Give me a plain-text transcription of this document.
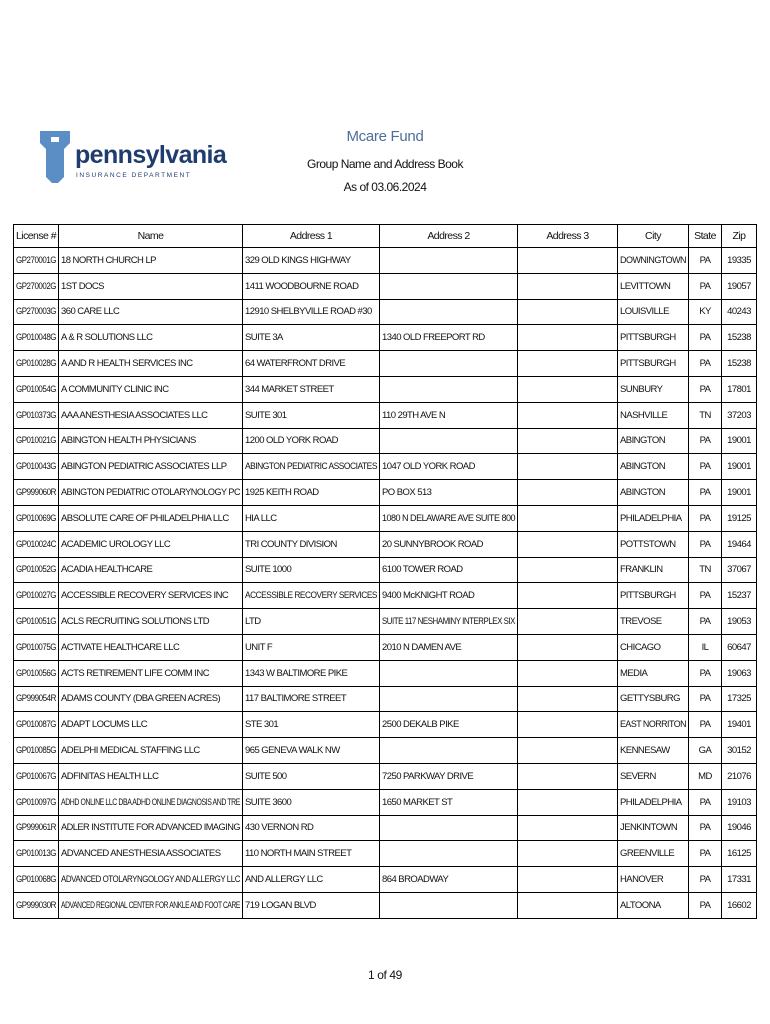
pennsylvania
INSURANCE DEPARTMENT
Mcare Fund
Group Name and Address Book
As of 03.06.2024
License #	Name	Address 1	Address 2	Address 3	City	State	Zip
GP270001G	18 NORTH CHURCH LP	329 OLD KINGS HIGHWAY			DOWNINGTOWN	PA	19335
GP270002G	1ST DOCS	1411 WOODBOURNE ROAD			LEVITTOWN	PA	19057
GP270003G	360 CARE LLC	12910 SHELBYVILLE ROAD #30			LOUISVILLE	KY	40243
GP010048G	A & R SOLUTIONS LLC	SUITE 3A	1340 OLD FREEPORT RD		PITTSBURGH	PA	15238
GP010028G	A AND R HEALTH SERVICES INC	64 WATERFRONT DRIVE			PITTSBURGH	PA	15238
GP010054G	A COMMUNITY CLINIC INC	344 MARKET STREET			SUNBURY	PA	17801
GP010373G	AAA ANESTHESIA ASSOCIATES LLC	SUITE 301	110 29TH AVE N		NASHVILLE	TN	37203
GP010021G	ABINGTON HEALTH PHYSICIANS	1200 OLD YORK ROAD			ABINGTON	PA	19001
GP010043G	ABINGTON PEDIATRIC ASSOCIATES LLP	ABINGTON PEDIATRIC ASSOCIATES	1047 OLD YORK ROAD		ABINGTON	PA	19001
GP999060R	ABINGTON PEDIATRIC OTOLARYNOLOGY PC	1925 KEITH ROAD	PO BOX 513		ABINGTON	PA	19001
GP010069G	ABSOLUTE CARE OF PHILADELPHIA LLC	HIA LLC	1080 N DELAWARE AVE SUITE 800		PHILADELPHIA	PA	19125
GP010024C	ACADEMIC UROLOGY LLC	TRI COUNTY DIVISION	20 SUNNYBROOK ROAD		POTTSTOWN	PA	19464
GP010052G	ACADIA HEALTHCARE	SUITE 1000	6100 TOWER ROAD		FRANKLIN	TN	37067
GP010027G	ACCESSIBLE RECOVERY SERVICES INC	ACCESSIBLE RECOVERY SERVICES	9400 McKNIGHT ROAD		PITTSBURGH	PA	15237
GP010051G	ACLS RECRUITING SOLUTIONS LTD	LTD	SUITE 117 NESHAMINY INTERPLEX SIX		TREVOSE	PA	19053
GP010075G	ACTIVATE HEALTHCARE LLC	UNIT F	2010 N DAMEN AVE		CHICAGO	IL	60647
GP010056G	ACTS RETIREMENT LIFE COMM INC	1343 W BALTIMORE PIKE			MEDIA	PA	19063
GP999054R	ADAMS COUNTY (DBA GREEN ACRES)	117 BALTIMORE STREET			GETTYSBURG	PA	17325
GP010087G	ADAPT LOCUMS LLC	STE 301	2500 DEKALB PIKE		EAST NORRITON	PA	19401
GP010085G	ADELPHI MEDICAL STAFFING LLC	965 GENEVA WALK NW			KENNESAW	GA	30152
GP010067G	ADFINITAS HEALTH LLC	SUITE 500	7250 PARKWAY DRIVE		SEVERN	MD	21076
GP010097G	ADHD ONLINE LLC DBA ADHD ONLINE DIAGNOSIS AND TRE	SUITE 3600	1650 MARKET ST		PHILADELPHIA	PA	19103
GP999061R	ADLER INSTITUTE FOR ADVANCED IMAGING	430 VERNON RD			JENKINTOWN	PA	19046
GP010013G	ADVANCED ANESTHESIA ASSOCIATES	110 NORTH MAIN STREET			GREENVILLE	PA	16125
GP010068G	ADVANCED OTOLARYNGOLOGY AND ALLERGY LLC	AND ALLERGY LLC	864 BROADWAY		HANOVER	PA	17331
GP999030R	ADVANCED REGIONAL CENTER FOR ANKLE AND FOOT CARE	719 LOGAN BLVD			ALTOONA	PA	16602
1 of 49
